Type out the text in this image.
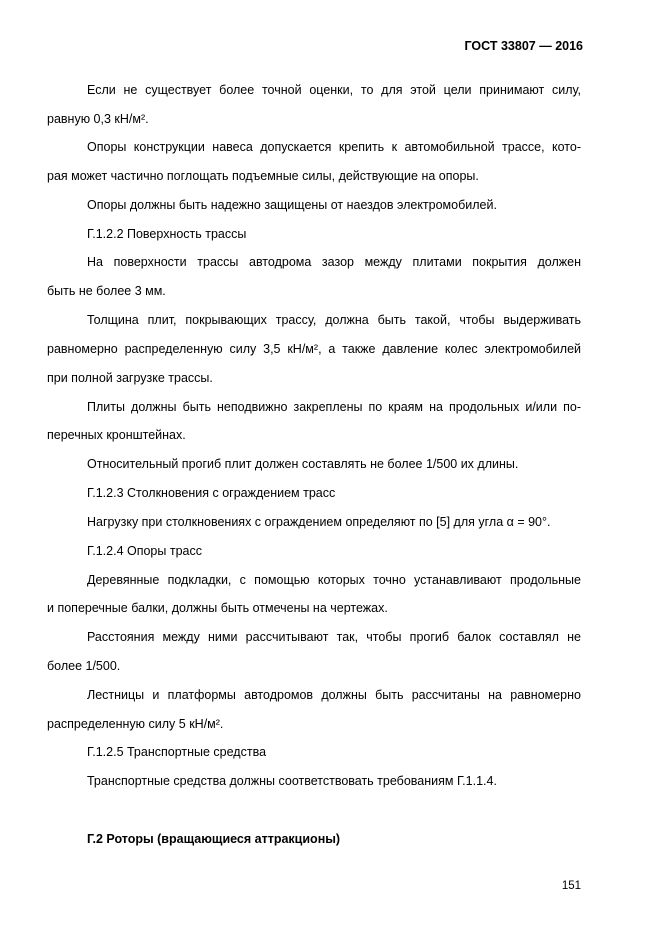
ГОСТ 33807 — 2016
Если не существует более точной оценки, то для этой цели принимают силу,
равную 0,3 кН/м².
Опоры конструкции навеса допускается крепить к автомобильной трассе, кото-
рая может частично поглощать подъемные силы, действующие на опоры.
Опоры должны быть надежно защищены от наездов электромобилей.
Г.1.2.2 Поверхность трассы
На поверхности трассы автодрома зазор между плитами покрытия должен
быть не более 3 мм.
Толщина плит, покрывающих трассу, должна быть такой, чтобы выдерживать
равномерно распределенную силу 3,5 кН/м², а также давление колес электромобилей
при полной загрузке трассы.
Плиты должны быть неподвижно закреплены по краям на продольных и/или по-
перечных кронштейнах.
Относительный прогиб плит должен составлять не более 1/500 их длины.
Г.1.2.3 Столкновения с ограждением трасс
Нагрузку при столкновениях с ограждением определяют по [5] для угла α = 90°.
Г.1.2.4 Опоры трасс
Деревянные подкладки, с помощью которых точно устанавливают продольные
и поперечные балки, должны быть отмечены на чертежах.
Расстояния между ними рассчитывают так, чтобы прогиб балок составлял не
более 1/500.
Лестницы и платформы автодромов должны быть рассчитаны на равномерно
распределенную силу 5 кН/м².
Г.1.2.5 Транспортные средства
Транспортные средства должны соответствовать требованиям Г.1.1.4.
Г.2 Роторы (вращающиеся аттракционы)
151
